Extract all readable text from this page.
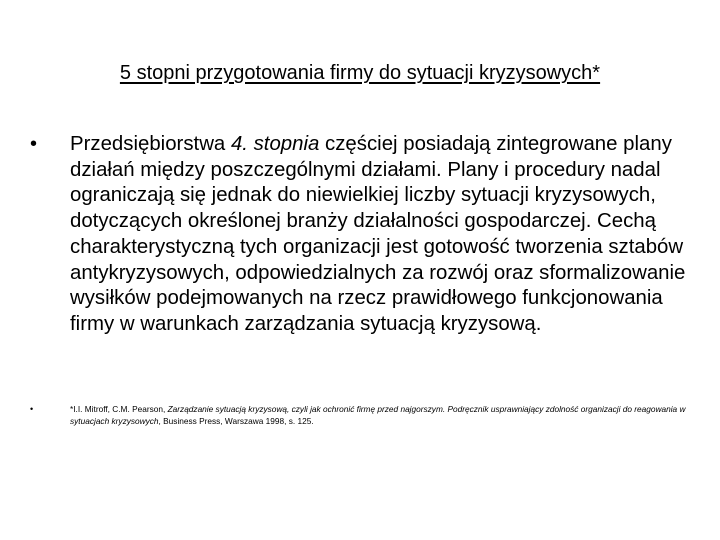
5 stopni przygotowania firmy do sytuacji kryzysowych*
•	Przedsiębiorstwa 4. stopnia częściej posiadają zintegrowane plany działań między poszczególnymi działami. Plany i procedury nadal ograniczają się jednak do niewielkiej liczby sytuacji kryzysowych, dotyczących określonej branży działalności gospodarczej. Cechą charakterystyczną tych organizacji jest gotowość tworzenia sztabów antykryzysowych, odpowiedzialnych za rozwój oraz sformalizowanie wysiłków podejmowanych na rzecz prawidłowego funkcjonowania firmy w warunkach zarządzania sytuacją kryzysową.
•	*I.I. Mitroff, C.M. Pearson, Zarządzanie sytuacją kryzysową, czyli jak ochronić firmę przed najgorszym. Podręcznik usprawniający zdolność organizacji do reagowania w sytuacjach kryzysowych, Business Press, Warszawa 1998, s. 125.
